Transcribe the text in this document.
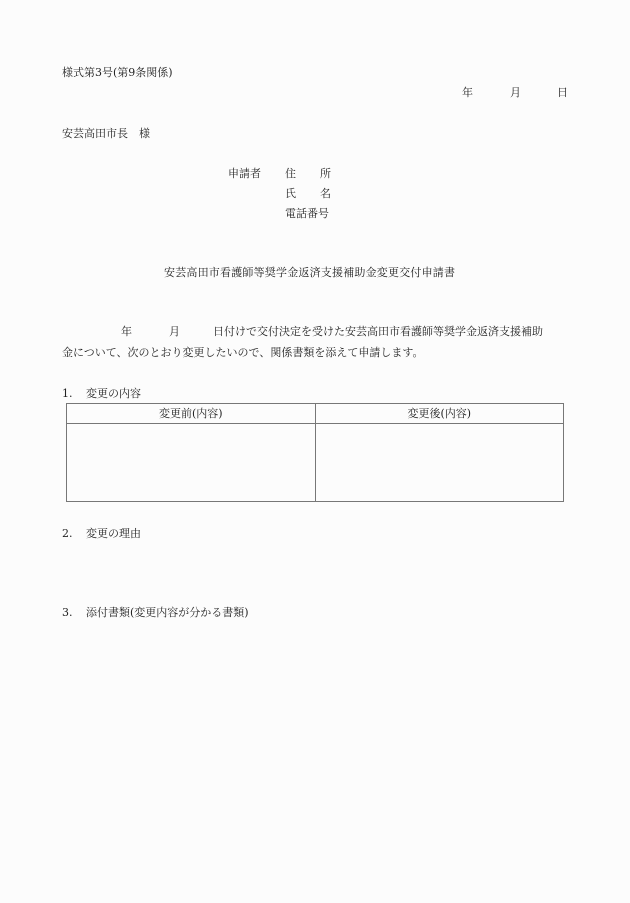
様式第3号(第9条関係)
年	月	日
安芸高田市長　様
申請者 住 所
氏 名
電話番号
安芸高田市看護師等奨学金返済支援補助金変更交付申請書
年	月	日付けで交付決定を受けた安芸高田市看護師等奨学金返済支援補助
金について、次のとおり変更したいので、関係書類を添えて申請します。
1. 変更の内容
変更前(内容)	変更後(内容)

2. 変更の理由
3. 添付書類(変更内容が分かる書類)
